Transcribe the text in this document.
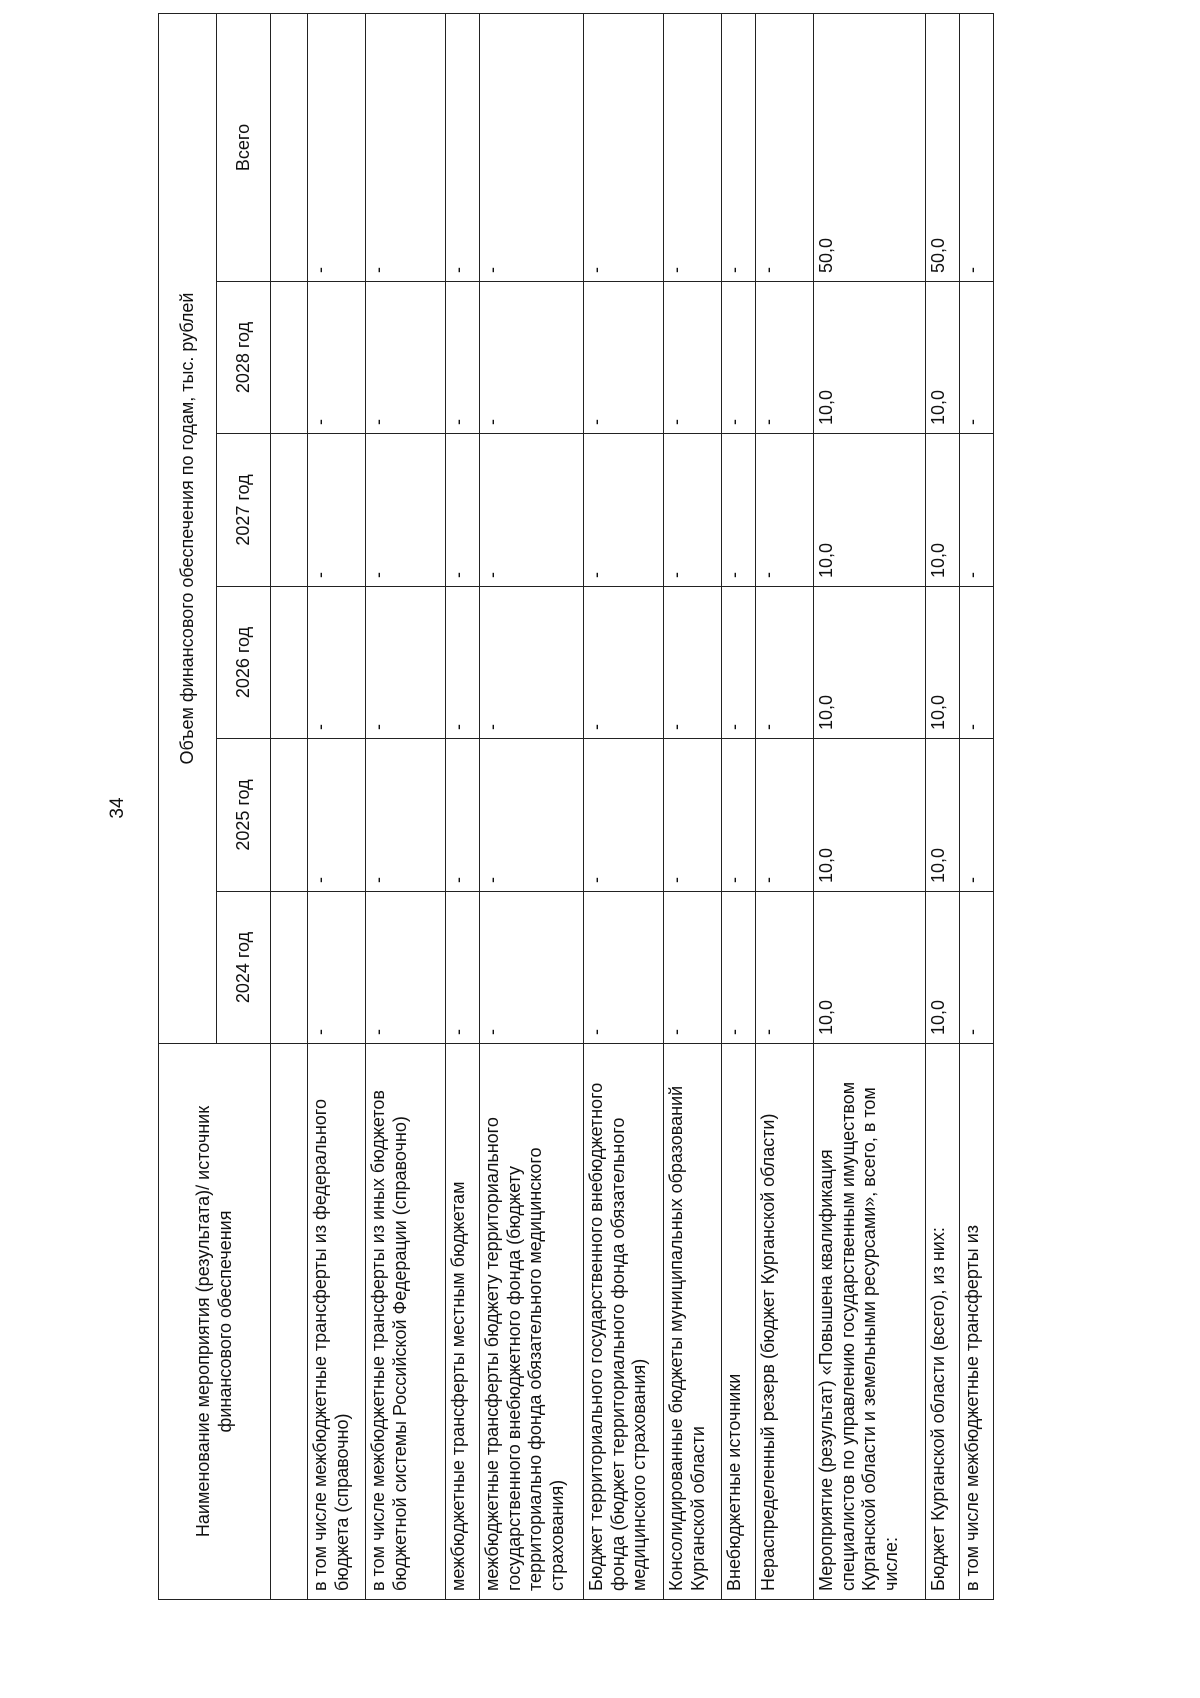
34
Наименование мероприятия (результата)/ источник финансового обеспечения	Объем финансового обеспечения по годам, тыс. рублей					
	2024 год	2025 год	2026 год	2027 год	2028 год	Всего

в том числе межбюджетные трансферты из федерального бюджета (справочно)	-	-	-	-	-	-
в том числе межбюджетные трансферты из иных бюджетов бюджетной системы Российской Федерации (справочно)	-	-	-	-	-	-
межбюджетные трансферты местным бюджетам	-	-	-	-	-	-
межбюджетные трансферты бюджету территориального государственного внебюджетного фонда (бюджету территориально фонда обязательного медицинского страхования)	-	-	-	-	-	-
Бюджет территориального государственного внебюджетного фонда (бюджет территориального фонда обязательного медицинского страхования)	-	-	-	-	-	-
Консолидированные бюджеты муниципальных образований Курганской области	-	-	-	-	-	-
Внебюджетные источники	-	-	-	-	-	-
Нераспределенный резерв (бюджет Курганской области)	-	-	-	-	-	-
Мероприятие (результат) «Повышена квалификация специалистов по управлению государственным имуществом Курганской области и земельными ресурсами», всего, в том числе:	10,0	10,0	10,0	10,0	10,0	50,0
Бюджет Курганской области (всего), из них:	10,0	10,0	10,0	10,0	10,0	50,0
в том числе межбюджетные трансферты из	-	-	-	-	-	-
